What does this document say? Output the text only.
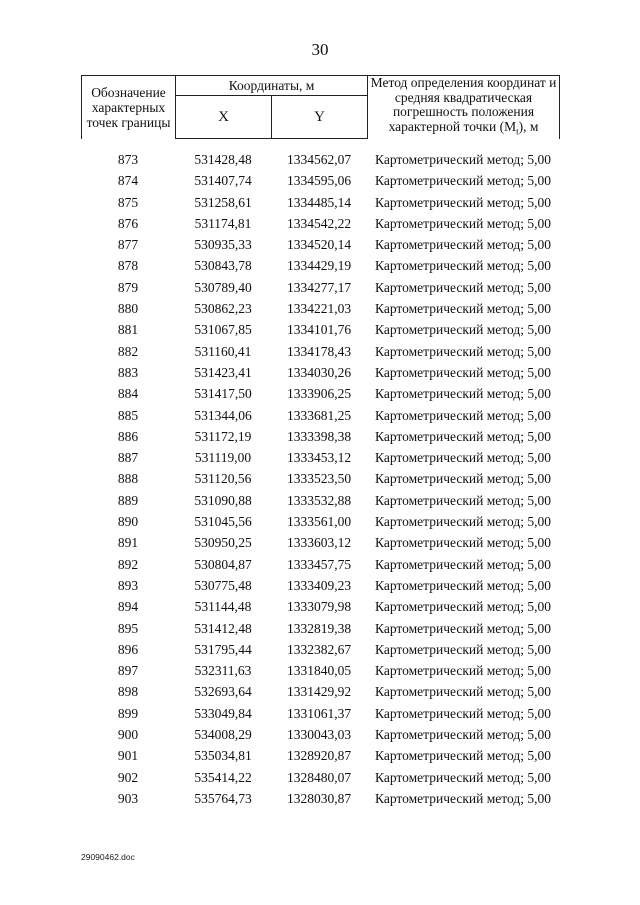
30
Обозначение характерных точек границы	Координаты, м		Метод определения координат и средняя квадратическая погрешность положения характерной точки $(M_t)$, м
	X	Y	
873	531428,48	1334562,07	Картометрический метод; 5,00
874	531407,74	1334595,06	Картометрический метод; 5,00
875	531258,61	1334485,14	Картометрический метод; 5,00
876	531174,81	1334542,22	Картометрический метод; 5,00
877	530935,33	1334520,14	Картометрический метод; 5,00
878	530843,78	1334429,19	Картометрический метод; 5,00
879	530789,40	1334277,17	Картометрический метод; 5,00
880	530862,23	1334221,03	Картометрический метод; 5,00
881	531067,85	1334101,76	Картометрический метод; 5,00
882	531160,41	1334178,43	Картометрический метод; 5,00
883	531423,41	1334030,26	Картометрический метод; 5,00
884	531417,50	1333906,25	Картометрический метод; 5,00
885	531344,06	1333681,25	Картометрический метод; 5,00
886	531172,19	1333398,38	Картометрический метод; 5,00
887	531119,00	1333453,12	Картометрический метод; 5,00
888	531120,56	1333523,50	Картометрический метод; 5,00
889	531090,88	1333532,88	Картометрический метод; 5,00
890	531045,56	1333561,00	Картометрический метод; 5,00
891	530950,25	1333603,12	Картометрический метод; 5,00
892	530804,87	1333457,75	Картометрический метод; 5,00
893	530775,48	1333409,23	Картометрический метод; 5,00
894	531144,48	1333079,98	Картометрический метод; 5,00
895	531412,48	1332819,38	Картометрический метод; 5,00
896	531795,44	1332382,67	Картометрический метод; 5,00
897	532311,63	1331840,05	Картометрический метод; 5,00
898	532693,64	1331429,92	Картометрический метод; 5,00
899	533049,84	1331061,37	Картометрический метод; 5,00
900	534008,29	1330043,03	Картометрический метод; 5,00
901	535034,81	1328920,87	Картометрический метод; 5,00
902	535414,22	1328480,07	Картометрический метод; 5,00
903	535764,73	1328030,87	Картометрический метод; 5,00
29090462.doc
